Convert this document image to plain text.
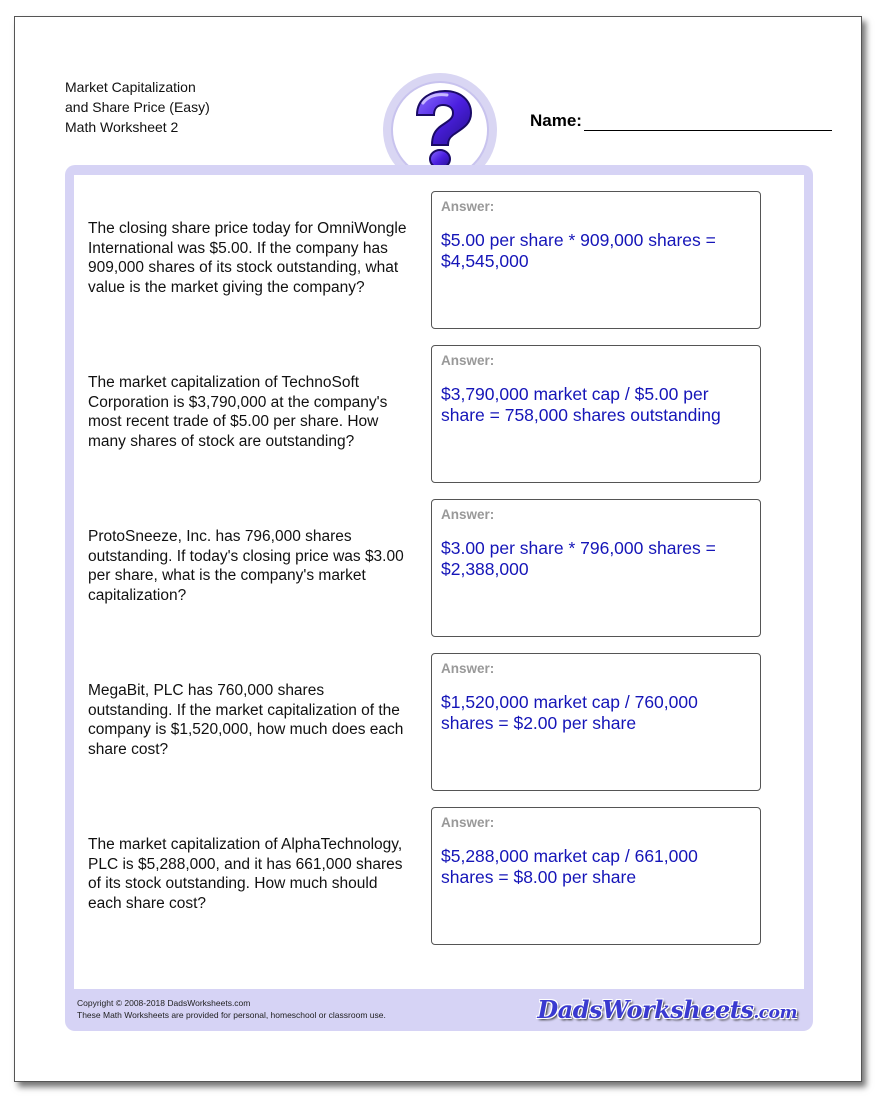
Market Capitalization
and Share Price (Easy)
Math Worksheet 2	Name:
The closing share price today for OmniWongle International was $5.00. If the company has 909,000 shares of its stock outstanding, what value is the market giving the company?
Answer:
$5.00 per share * 909,000 shares = $4,545,000
The market capitalization of TechnoSoft Corporation is $3,790,000 at the company's most recent trade of $5.00 per share. How many shares of stock are outstanding?
Answer:
$3,790,000 market cap / $5.00 per share = 758,000 shares outstanding
ProtoSneeze, Inc. has 796,000 shares outstanding. If today's closing price was $3.00 per share, what is the company's market capitalization?
Answer:
$3.00 per share * 796,000 shares = $2,388,000
MegaBit, PLC has 760,000 shares outstanding. If the market capitalization of the company is $1,520,000, how much does each share cost?
Answer:
$1,520,000 market cap / 760,000 shares = $2.00 per share
The market capitalization of AlphaTechnology, PLC is $5,288,000, and it has 661,000 shares of its stock outstanding. How much should each share cost?
Answer:
$5,288,000 market cap / 661,000 shares = $8.00 per share
Copyright © 2008-2018 DadsWorksheets.com
These Math Worksheets are provided for personal, homeschool or classroom use.	DadsWorksheets.com
